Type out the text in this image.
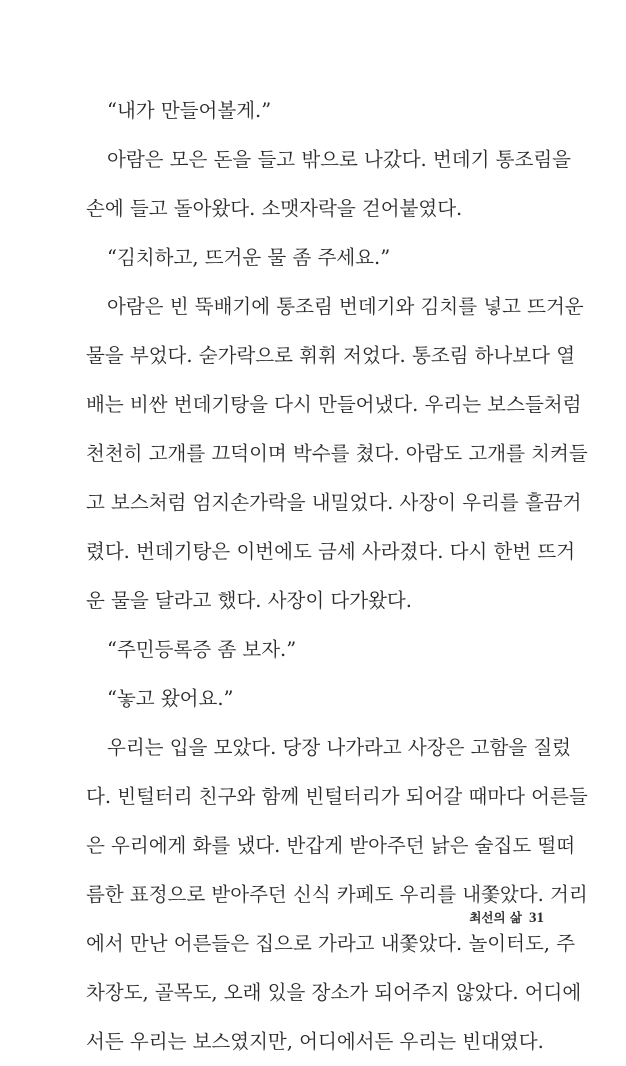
“내가 만들어볼게.”
아람은 모은 돈을 들고 밖으로 나갔다. 번데기 통조림을
손에 들고 돌아왔다. 소맷자락을 걷어붙였다.
“김치하고, 뜨거운 물 좀 주세요.”
아람은 빈 뚝배기에 통조림 번데기와 김치를 넣고 뜨거운
물을 부었다. 숟가락으로 휘휘 저었다. 통조림 하나보다 열
배는 비싼 번데기탕을 다시 만들어냈다. 우리는 보스들처럼
천천히 고개를 끄덕이며 박수를 쳤다. 아람도 고개를 치켜들
고 보스처럼 엄지손가락을 내밀었다. 사장이 우리를 흘끔거
렸다. 번데기탕은 이번에도 금세 사라졌다. 다시 한번 뜨거
운 물을 달라고 했다. 사장이 다가왔다.
“주민등록증 좀 보자.”
“놓고 왔어요.”
우리는 입을 모았다. 당장 나가라고 사장은 고함을 질렀
다. 빈털터리 친구와 함께 빈털터리가 되어갈 때마다 어른들
은 우리에게 화를 냈다. 반갑게 받아주던 낡은 술집도 떨떠
름한 표정으로 받아주던 신식 카페도 우리를 내쫓았다. 거리
에서 만난 어른들은 집으로 가라고 내쫓았다. 놀이터도, 주
차장도, 골목도, 오래 있을 장소가 되어주지 않았다. 어디에
서든 우리는 보스였지만, 어디에서든 우리는 빈대였다.
최선의 삶 31
